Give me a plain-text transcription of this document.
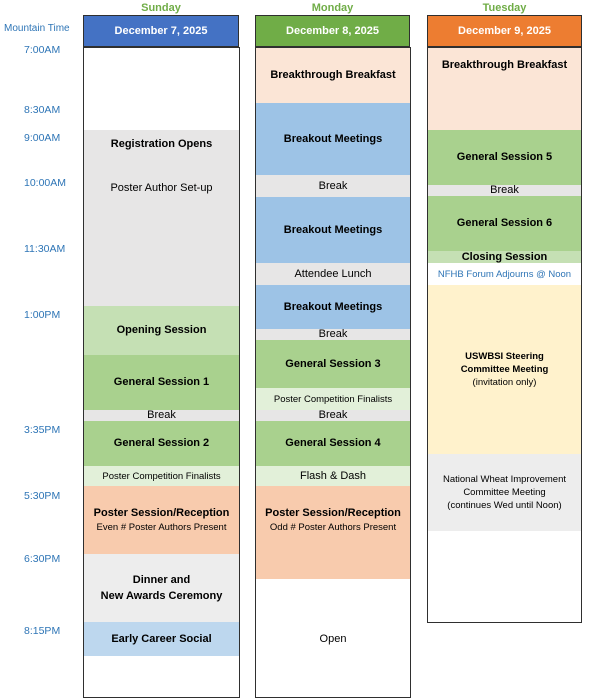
Mountain Time
7:00AM
8:30AM
9:00AM
10:00AM
11:30AM
1:00PM
3:35PM
5:30PM
6:30PM
8:15PM
Sunday
December 7, 2025
Registration Opens
Poster Author Set-up
Opening Session
General Session 1
Break
General Session 2
Poster Competition Finalists
Poster Session/Reception
Even # Poster Authors Present
Dinner and
New Awards Ceremony
Early Career Social
Monday
December 8, 2025
Breakthrough Breakfast
Breakout Meetings
Break
Breakout Meetings
Attendee Lunch
Breakout Meetings
Break
General Session 3
Poster Competition Finalists
Break
General Session 4
Flash & Dash
Poster Session/Reception
Odd # Poster Authors Present
Open
Tuesday
December 9, 2025
Breakthrough Breakfast
General Session 5
Break
General Session 6
Closing Session
NFHB Forum Adjourns @ Noon
USWBSI Steering
Committee Meeting
(invitation only)
National Wheat Improvement
Committee Meeting
(continues Wed until Noon)
